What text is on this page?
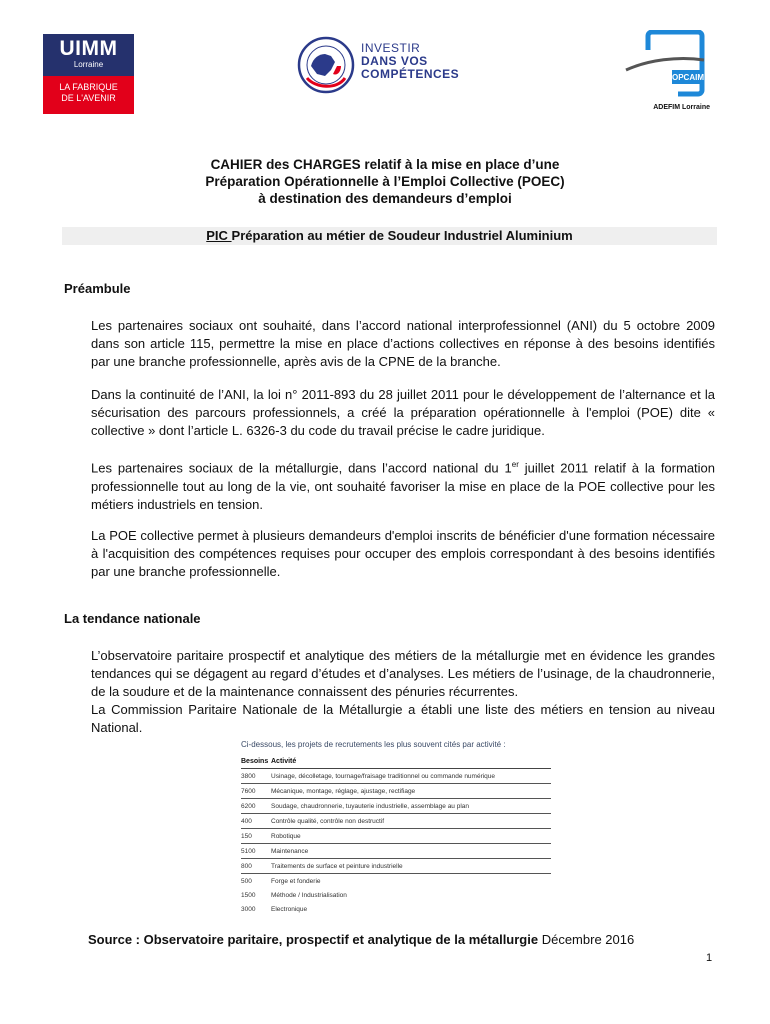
UIMM
Lorraine
LA FABRIQUE
DE L'AVENIR
INVESTIR
DANS VOS
COMPÉTENCES	OPCAIM
ADEFIM Lorraine
CAHIER des CHARGES relatif à la mise en place d’une
Préparation Opérationnelle à l’Emploi Collective (POEC)
à destination des demandeurs d’emploi
PIC Préparation au métier de Soudeur Industriel Aluminium
Préambule

Les partenaires sociaux ont souhaité, dans l’accord national interprofessionnel (ANI) du 5 octobre 2009 dans son article 115, permettre la mise en place d’actions collectives en réponse à des besoins identifiés par une branche professionnelle, après avis de la CPNE de la branche.

Dans la continuité de l’ANI, la loi n° 2011-893 du 28 juillet 2011 pour le développement de l’alternance et la sécurisation des parcours professionnels, a créé la préparation opérationnelle à l'emploi (POE) dite « collective » dont l’article L. 6326-3 du code du travail précise le cadre juridique.

Les partenaires sociaux de la métallurgie, dans l’accord national du 1er juillet 2011 relatif à la formation professionnelle tout au long de la vie, ont souhaité favoriser la mise en place de la POE collective pour les métiers industriels en tension.

La POE collective permet à plusieurs demandeurs d'emploi inscrits de bénéficier d'une formation nécessaire à l'acquisition des compétences requises pour occuper des emplois correspondant à des besoins identifiés par une branche professionnelle.

La tendance nationale

L’observatoire paritaire prospectif et analytique des métiers de la métallurgie met en évidence les grandes tendances qui se dégagent au regard d’études et d’analyses. Les métiers de l’usinage, de la chaudronnerie, de la soudure et de la maintenance connaissent des pénuries récurrentes.

La Commission Paritaire Nationale de la Métallurgie a établi une liste des métiers en tension au niveau National.

Ci-dessous, les projets de recrutements les plus souvent cités par activité :
Besoins	Activité
3800	Usinage, décolletage, tournage/fraisage traditionnel ou commande numérique
7600	Mécanique, montage, réglage, ajustage, rectifiage
6200	Soudage, chaudronnerie, tuyauterie industrielle, assemblage au plan
400	Contrôle qualité, contrôle non destructif
150	Robotique
5100	Maintenance
800	Traitements de surface et peinture industrielle
500	Forge et fonderie
1500	Méthode / Industrialisation
3000	Electronique
Source : Observatoire paritaire, prospectif et analytique de la métallurgie Décembre 2016
1
